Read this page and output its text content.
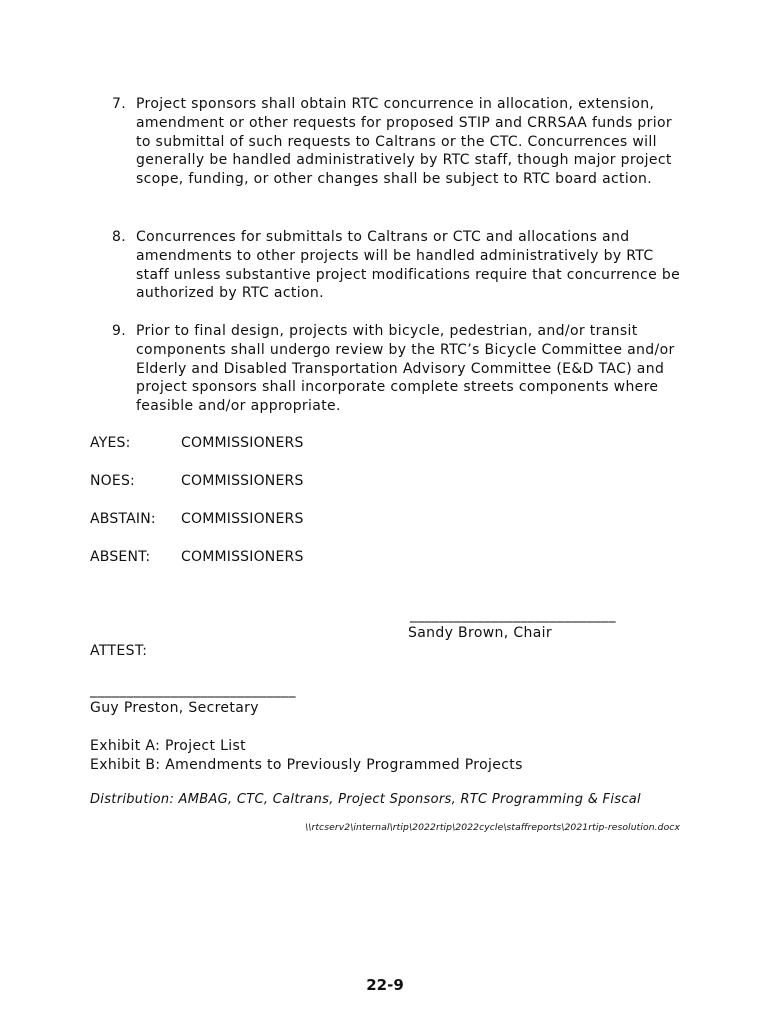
7. Project sponsors shall obtain RTC concurrence in allocation, extension, amendment or other requests for proposed STIP and CRRSAA funds prior to submittal of such requests to Caltrans or the CTC. Concurrences will generally be handled administratively by RTC staff, though major project scope, funding, or other changes shall be subject to RTC board action.
8. Concurrences for submittals to Caltrans or CTC and allocations and amendments to other projects will be handled administratively by RTC staff unless substantive project modifications require that concurrence be authorized by RTC action.
9. Prior to final design, projects with bicycle, pedestrian, and/or transit components shall undergo review by the RTC’s Bicycle Committee and/or Elderly and Disabled Transportation Advisory Committee (E&D TAC) and project sponsors shall incorporate complete streets components where feasible and/or appropriate.
AYES:	COMMISSIONERS
NOES:	COMMISSIONERS
ABSTAIN: COMMISSIONERS
ABSENT: COMMISSIONERS
____________________________
Sandy Brown, Chair
ATTEST:
____________________________
Guy Preston, Secretary
Exhibit A: Project List
Exhibit B: Amendments to Previously Programmed Projects
Distribution: AMBAG, CTC, Caltrans, Project Sponsors, RTC Programming & Fiscal
\\rtcserv2\internal\rtip\2022rtip\2022cycle\staffreports\2021rtip-resolution.docx
22-9
